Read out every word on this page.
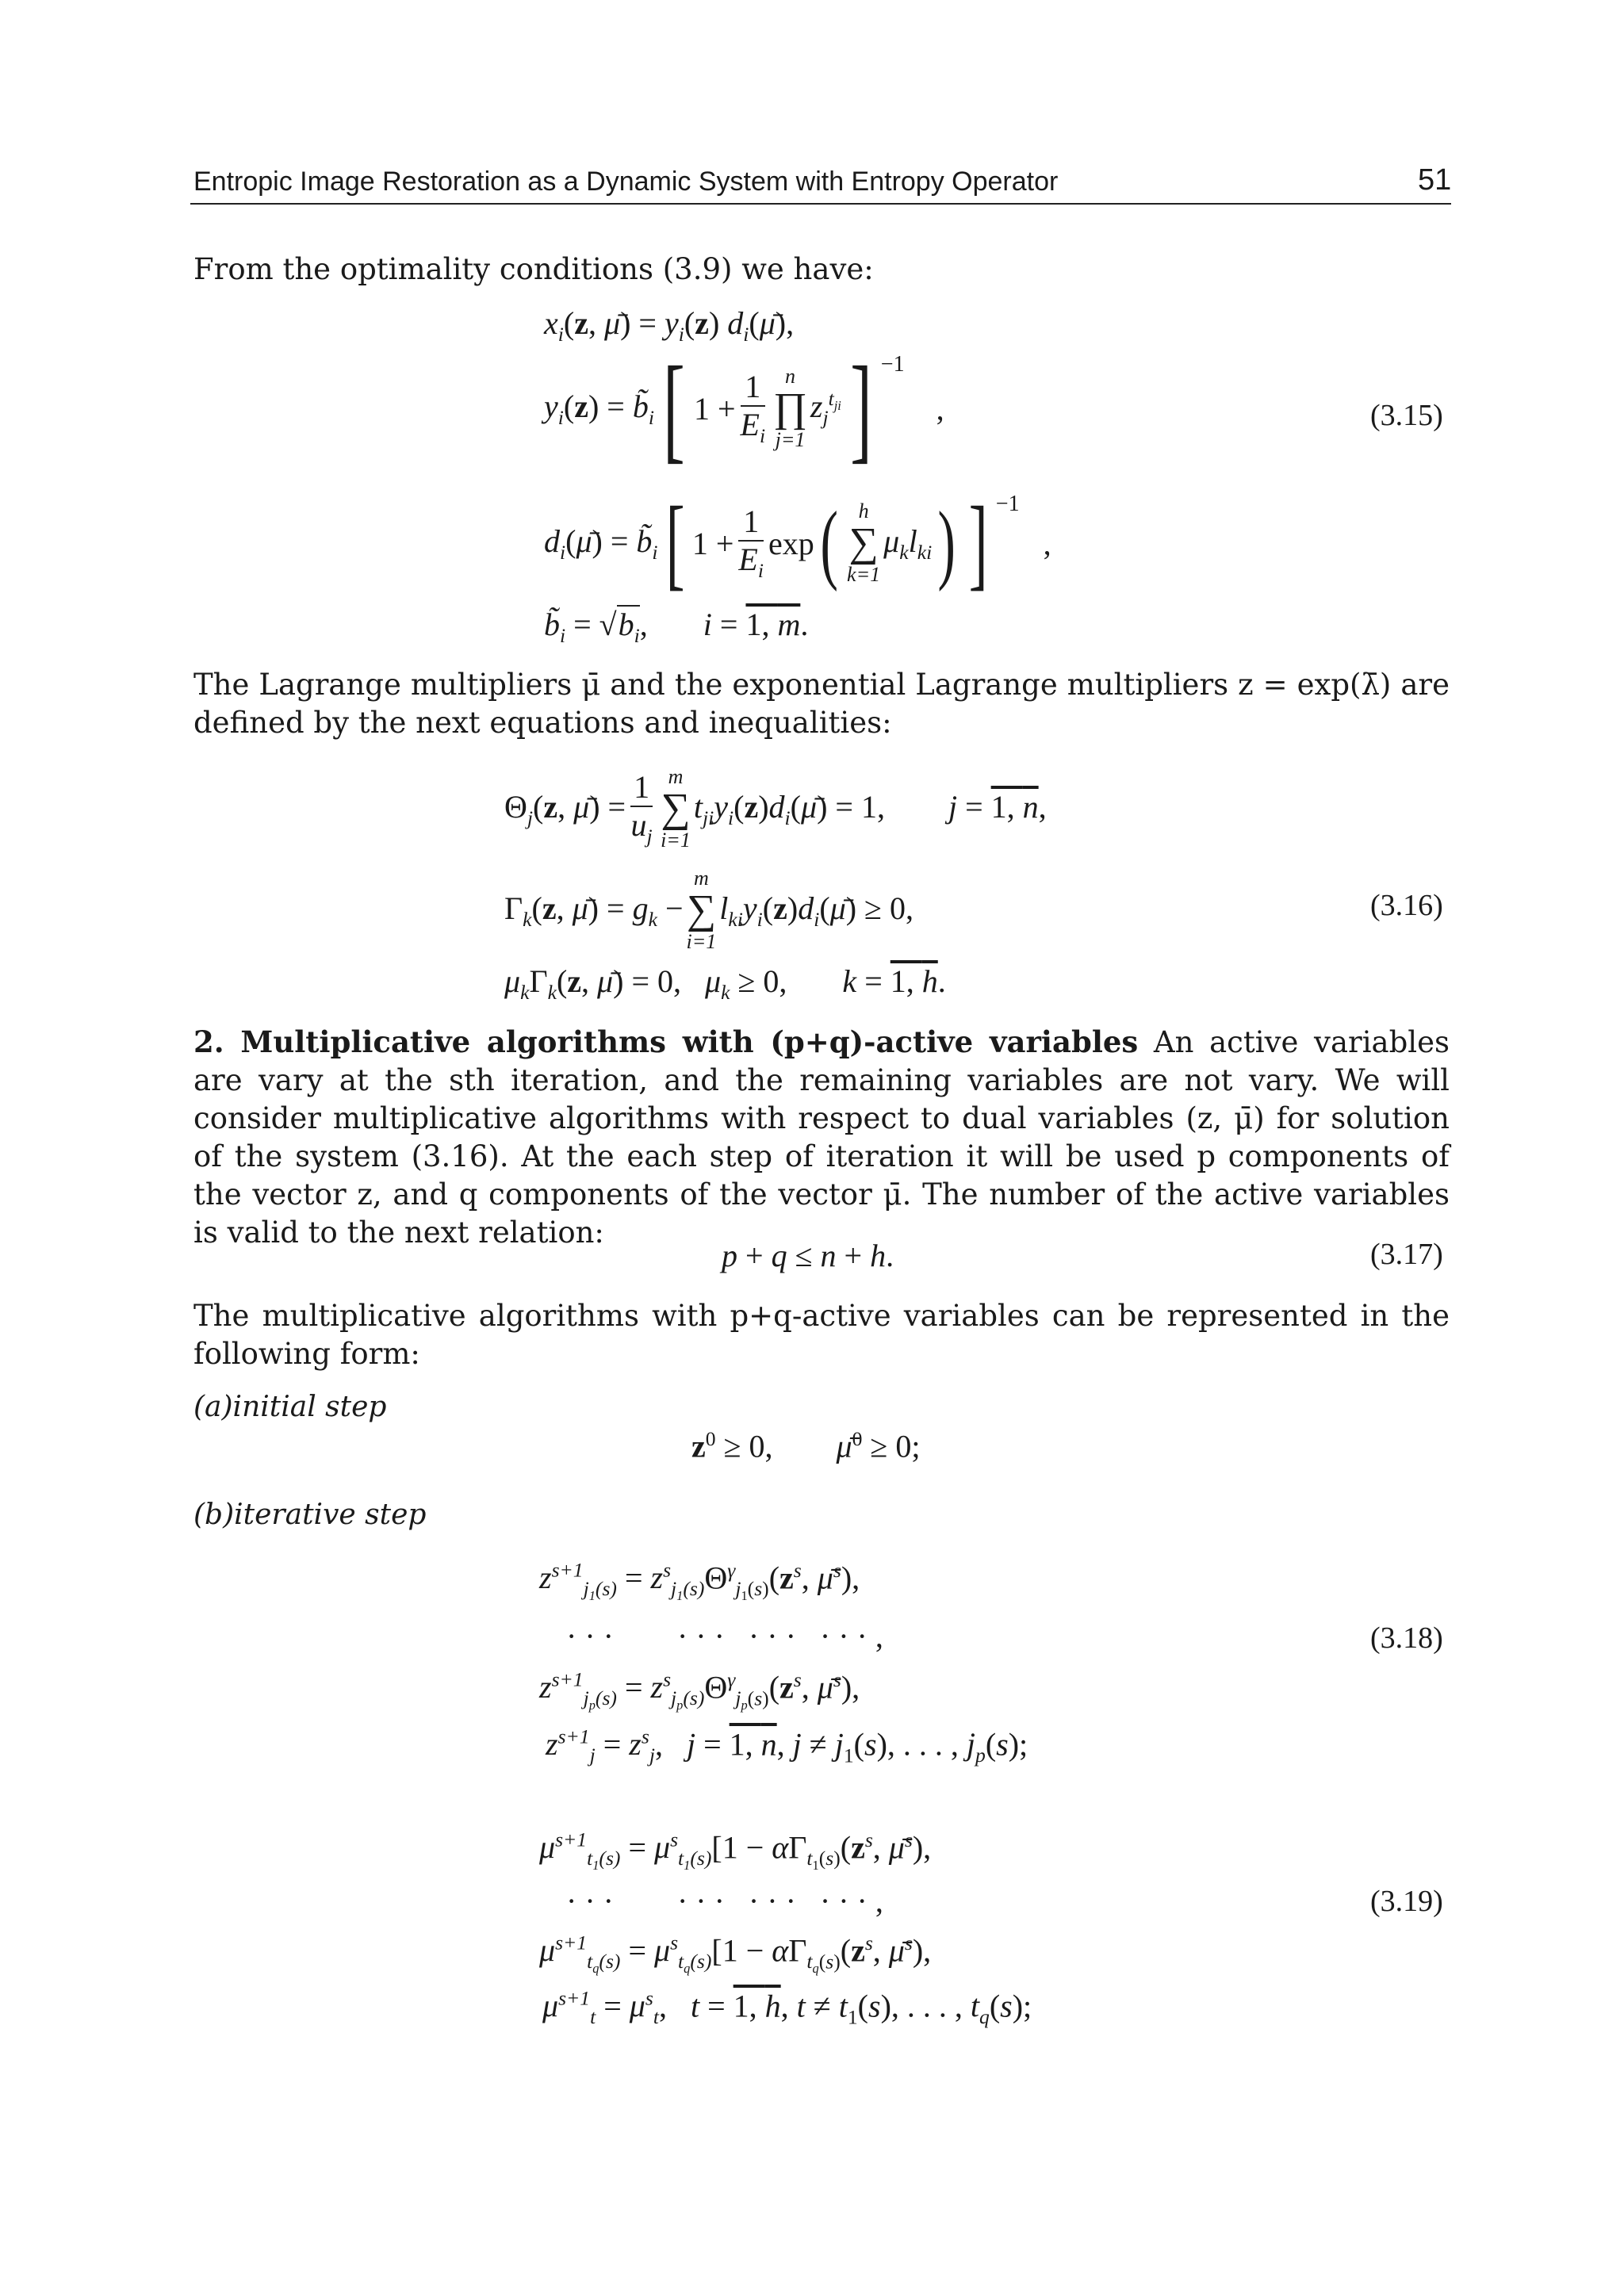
Entropic Image Restoration as a Dynamic System with Entropy Operator	51
From the optimality conditions (3.9) we have:
$x_i(z$, μ̄) = $y_i(z)$ $d_i(\mū)$,
$y_i(z)$ = $b̃_i$ [ $1 + \frac{1}{E_i}$ n
∏
j=1
$z_j^{t_{ji}}$ ] −1
,	(3.15)
$d_i(\mū)$ = $b̃_i$ [ $1 + \frac{1}{E_i}$ exp (	h
∑
k=1
$\mu_kl_{ki}$ ) ] −1
,
$b̃_i = √b_i$,       i = 1, m.
The Lagrange multipliers μ̄ and the exponential Lagrange multipliers z = exp(λ̄) are defined by the next equations and inequalities:
$\Theta_j(z$, μ̄) = $\frac{1}{u_j}$ m
∑
i=1
$t_{ji}y_i(z)d_i(\mū) = 1$,        j = 1, n,
$\Gamma_k(z$, μ̄) = $g_k$ −
m
∑
i=1
$l_{ki}y_i(z)d_i(\mū) \ge 0$,	(3.16)
$\mu_k\Gamma_k(z$, μ̄) = 0,   $\mu_k \ge 0$,       k = 1, h.
2. Multiplicative algorithms with (p+q)-active variables An active variables are vary at the sth iteration, and the remaining variables are not vary. We will consider multiplicative algorithms with respect to dual variables (z, μ̄) for solution of the system (3.16). At the each step of iteration it will be used p components of the vector z, and q components of the vector μ̄. The number of the active variables is valid to the next relation:
p + q ≤ n + h.	(3.17)
The multiplicative algorithms with p+q-active variables can be represented in the following form:
(a)initial step
$z^0 \ge 0$,        μ̄$^0$ ≥ 0;
(b)iterative step
$z^{s+1}_{j_1(s)} = z^s_{j_1(s)}\Theta^\gamma_{j_1(s)}(z^s$, μ̄$^s$),
· · ·        · · ·   · · ·   · · · ,	(3.18)
$z^{s+1}_{j_p(s)} = z^s_{j_p(s)}\Theta^\gamma_{j_p(s)}(z^s$, μ̄$^s$),
$z^{s+1}_j = z^s_j$,   j = 1, n, $j \ne j_1(s)$, . . . , $j_p(s)$;
$\mu^{s+1}_{t_1(s)} = \mu^s_{t_1(s)}[1 - \alpha\Gamma_{t_1(s)}(z^s$, μ̄$^s$),
· · ·        · · ·   · · ·   · · · ,	(3.19)
$\mu^{s+1}_{t_q(s)} = \mu^s_{t_q(s)}[1 - \alpha\Gamma_{t_q(s)}(z^s$, μ̄$^s$),
$\mu^{s+1}_t = \mu^s_t$,   t = 1, h, $t \ne t_1(s)$, . . . , $t_q(s)$;
